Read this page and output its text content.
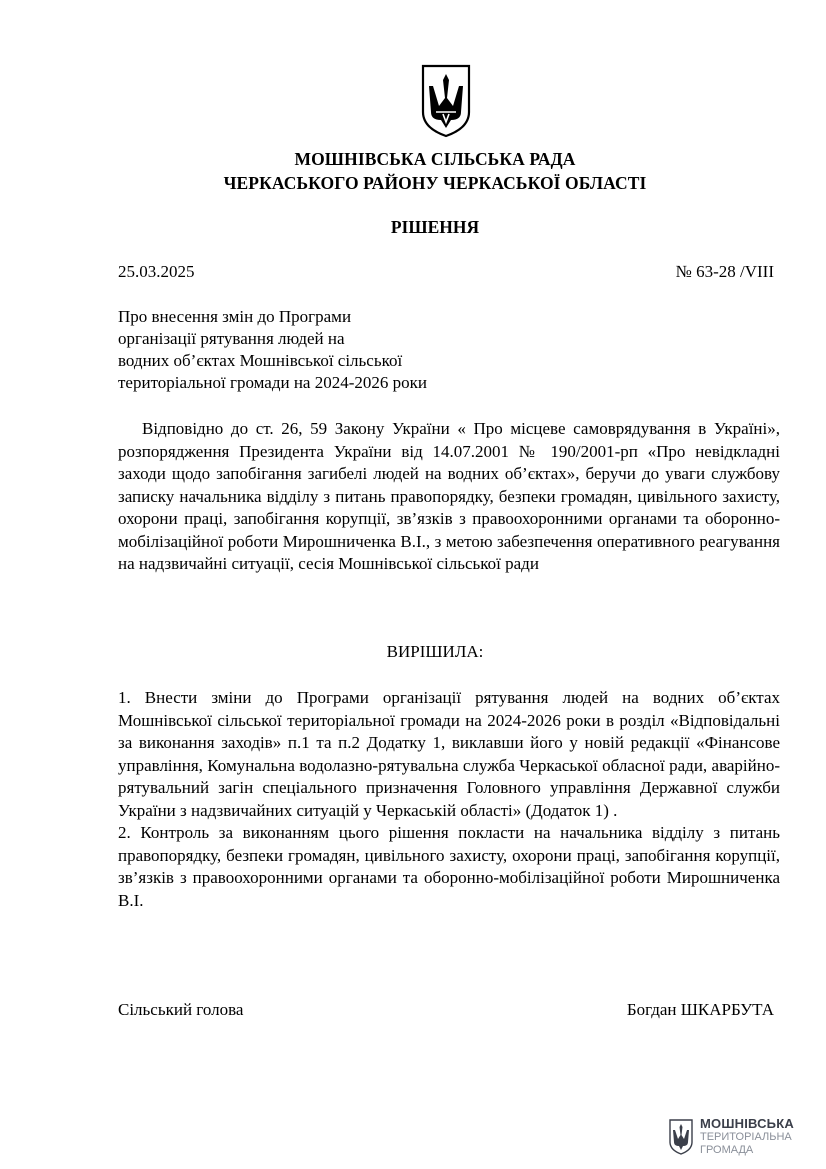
МОШНІВСЬКА СІЛЬСЬКА РАДА
ЧЕРКАСЬКОГО РАЙОНУ ЧЕРКАСЬКОЇ ОБЛАСТІ
РІШЕННЯ
25.03.2025	№ 63-28 /VIII
Про внесення змін до Програми
організації рятування людей на
водних об’єктах Мошнівської сільської
територіальної громади на 2024-2026 роки
Відповідно до ст. 26, 59 Закону України « Про місцеве самоврядування в Україні», розпорядження Президента України від 14.07.2001 № 190/2001-рп «Про невідкладні заходи щодо запобігання загибелі людей на водних об’єктах», беручи до уваги службову записку начальника відділу з питань правопорядку, безпеки громадян, цивільного захисту, охорони праці, запобігання корупції, зв’язків з правоохоронними органами та оборонно-мобілізаційної роботи Мирошниченка В.І., з метою забезпечення оперативного реагування на надзвичайні ситуації, сесія Мошнівської сільської ради
ВИРІШИЛА:

1. Внести зміни до Програми організації рятування людей на водних об’єктах Мошнівської сільської територіальної громади на 2024-2026 роки в розділ «Відповідальні за виконання заходів» п.1 та п.2 Додатку 1, виклавши його у новій редакції «Фінансове управління, Комунальна водолазно-рятувальна служба Черкаської обласної ради, аварійно-рятувальний загін спеціального призначення Головного управління Державної служби України з надзвичайних ситуацій у Черкаській області» (Додаток 1) .

2. Контроль за виконанням цього рішення покласти на начальника відділу з питань правопорядку, безпеки громадян, цивільного захисту, охорони праці, запобігання корупції, зв’язків з правоохоронними органами та оборонно-мобілізаційної роботи Мирошниченка В.І.

Сільський голова	Богдан ШКАРБУТА
МОШНІВСЬКА
ТЕРИТОРІАЛЬНА
ГРОМАДА
